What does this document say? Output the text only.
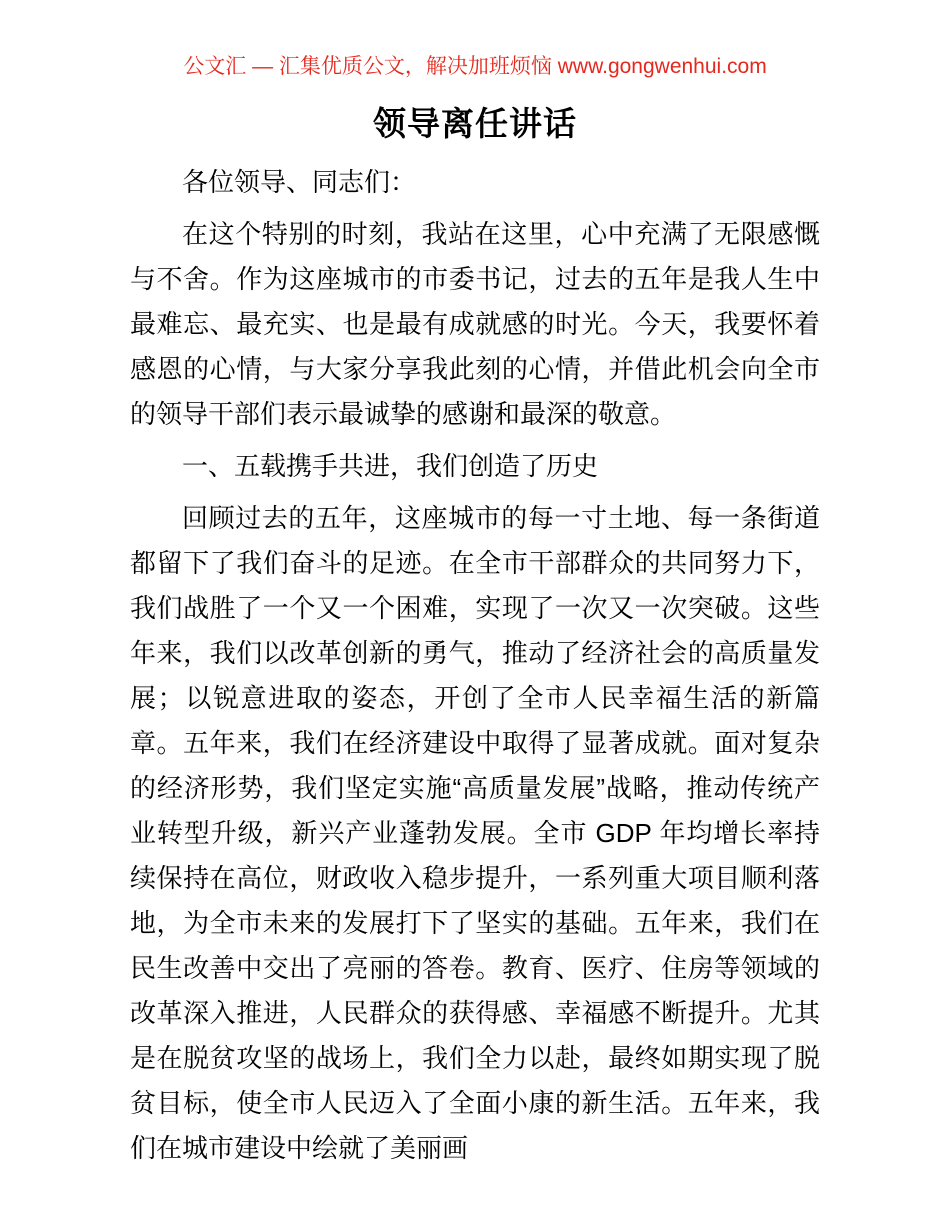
公文汇 — 汇集优质公文，解决加班烦恼 www.gongwenhui.com
领导离任讲话

各位领导、同志们：

在这个特别的时刻，我站在这里，心中充满了无限感慨与不舍。作为这座城市的市委书记，过去的五年是我人生中最难忘、最充实、也是最有成就感的时光。今天，我要怀着感恩的心情，与大家分享我此刻的心情，并借此机会向全市的领导干部们表示最诚挚的感谢和最深的敬意。

一、五载携手共进，我们创造了历史

回顾过去的五年，这座城市的每一寸土地、每一条街道都留下了我们奋斗的足迹。在全市干部群众的共同努力下，我们战胜了一个又一个困难，实现了一次又一次突破。这些年来，我们以改革创新的勇气，推动了经济社会的高质量发展；以锐意进取的姿态，开创了全市人民幸福生活的新篇章。五年来，我们在经济建设中取得了显著成就。面对复杂的经济形势，我们坚定实施“高质量发展”战略，推动传统产业转型升级，新兴产业蓬勃发展。全市 GDP 年均增长率持续保持在高位，财政收入稳步提升，一系列重大项目顺利落地，为全市未来的发展打下了坚实的基础。五年来，我们在民生改善中交出了亮丽的答卷。教育、医疗、住房等领域的改革深入推进，人民群众的获得感、幸福感不断提升。尤其是在脱贫攻坚的战场上，我们全力以赴，最终如期实现了脱贫目标，使全市人民迈入了全面小康的新生活。五年来，我们在城市建设中绘就了美丽画
